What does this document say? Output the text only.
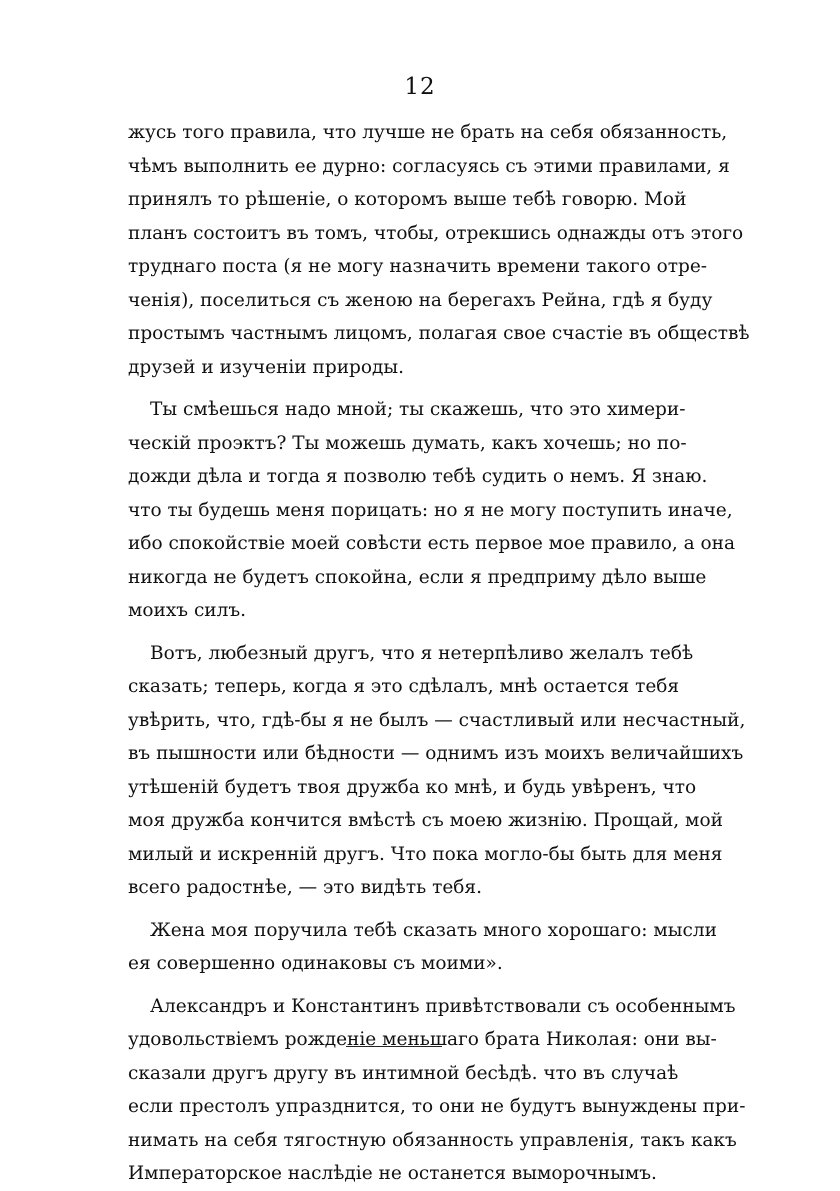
12
жусь того правила, что лучше не брать на себя обязанность,
чѣмъ выполнить ее дурно: согласуясь съ этими правилами, я
принялъ то рѣшеніе, о которомъ выше тебѣ говорю. Мой
планъ состоитъ въ томъ, чтобы, отрекшись однажды отъ этого
труднаго поста (я не могу назначить времени такого отре-
ченія), поселиться съ женою на берегахъ Рейна, гдѣ я буду
простымъ частнымъ лицомъ, полагая свое счастіе въ обществѣ
друзей и изученіи природы.
Ты смѣешься надо мной; ты скажешь, что это химери-
ческій проэктъ? Ты можешь думать, какъ хочешь; но по-
дожди дѣла и тогда я позволю тебѣ судить о немъ. Я знаю.
что ты будешь меня порицать: но я не могу поступить иначе,
ибо спокойствіе моей совѣсти есть первое мое правило, а она
никогда не будетъ спокойна, если я предприму дѣло выше
моихъ силъ.
Вотъ, любезный другъ, что я нетерпѣливо желалъ тебѣ
сказать; теперь, когда я это сдѣлалъ, мнѣ остается тебя
увѣрить, что, гдѣ-бы я не былъ — счастливый или несчастный,
въ пышности или бѣдности — однимъ изъ моихъ величайшихъ
утѣшеній будетъ твоя дружба ко мнѣ, и будь увѣренъ, что
моя дружба кончится вмѣстѣ съ моею жизнію. Прощай, мой
милый и искренній другъ. Что пока могло-бы быть для меня
всего радостнѣе, — это видѣть тебя.
Жена моя поручила тебѣ сказать много хорошаго: мысли
ея совершенно одинаковы съ моими».
Александръ и Константинъ привѣтствовали съ особеннымъ
удовольствіемъ рожденіе меньшаго брата Николая: они вы-
сказали другъ другу въ интимной бесѣдѣ. что въ случаѣ
если престолъ упразднится, то они не будутъ вынуждены при-
нимать на себя тягостную обязанность управленія, такъ какъ
Императорское наслѣдіе не останется выморочнымъ.
